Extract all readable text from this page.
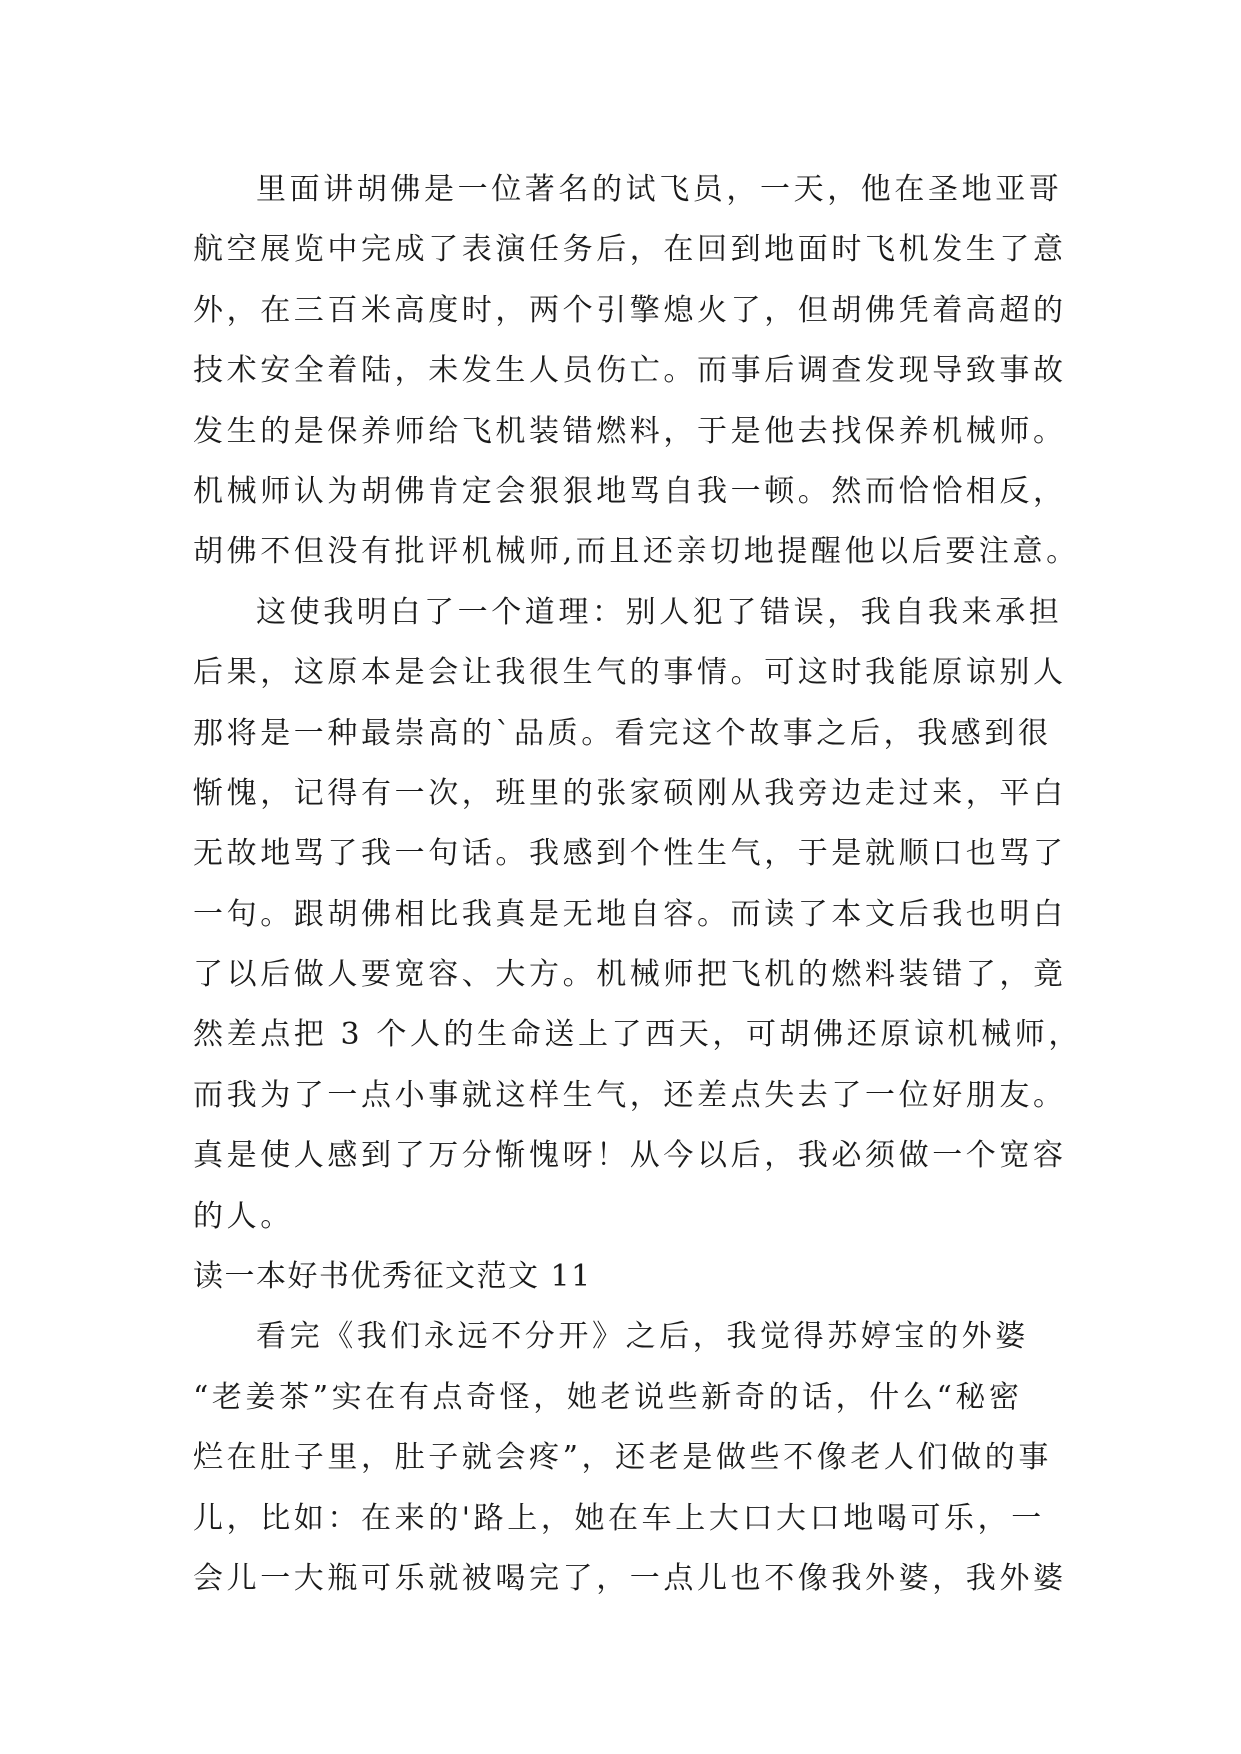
里面讲胡佛是一位著名的试飞员，一天，他在圣地亚哥
航空展览中完成了表演任务后，在回到地面时飞机发生了意
外，在三百米高度时，两个引擎熄火了，但胡佛凭着高超的
技术安全着陆，未发生人员伤亡。而事后调查发现导致事故
发生的是保养师给飞机装错燃料，于是他去找保养机械师。
机械师认为胡佛肯定会狠狠地骂自我一顿。然而恰恰相反，
胡佛不但没有批评机械师,而且还亲切地提醒他以后要注意。
这使我明白了一个道理：别人犯了错误，我自我来承担
后果，这原本是会让我很生气的事情。可这时我能原谅别人
那将是一种最崇高的`品质。看完这个故事之后，我感到很
惭愧，记得有一次，班里的张家硕刚从我旁边走过来，平白
无故地骂了我一句话。我感到个性生气，于是就顺口也骂了
一句。跟胡佛相比我真是无地自容。而读了本文后我也明白
了以后做人要宽容、大方。机械师把飞机的燃料装错了，竟
然差点把 3 个人的生命送上了西天，可胡佛还原谅机械师，
而我为了一点小事就这样生气，还差点失去了一位好朋友。
真是使人感到了万分惭愧呀！从今以后，我必须做一个宽容
的人。
读一本好书优秀征文范文 11
看完《我们永远不分开》之后，我觉得苏婷宝的外婆
“老姜茶”实在有点奇怪，她老说些新奇的话，什么“秘密
烂在肚子里，肚子就会疼”，还老是做些不像老人们做的事
儿，比如：在来的'路上，她在车上大口大口地喝可乐，一
会儿一大瓶可乐就被喝完了，一点儿也不像我外婆，我外婆
